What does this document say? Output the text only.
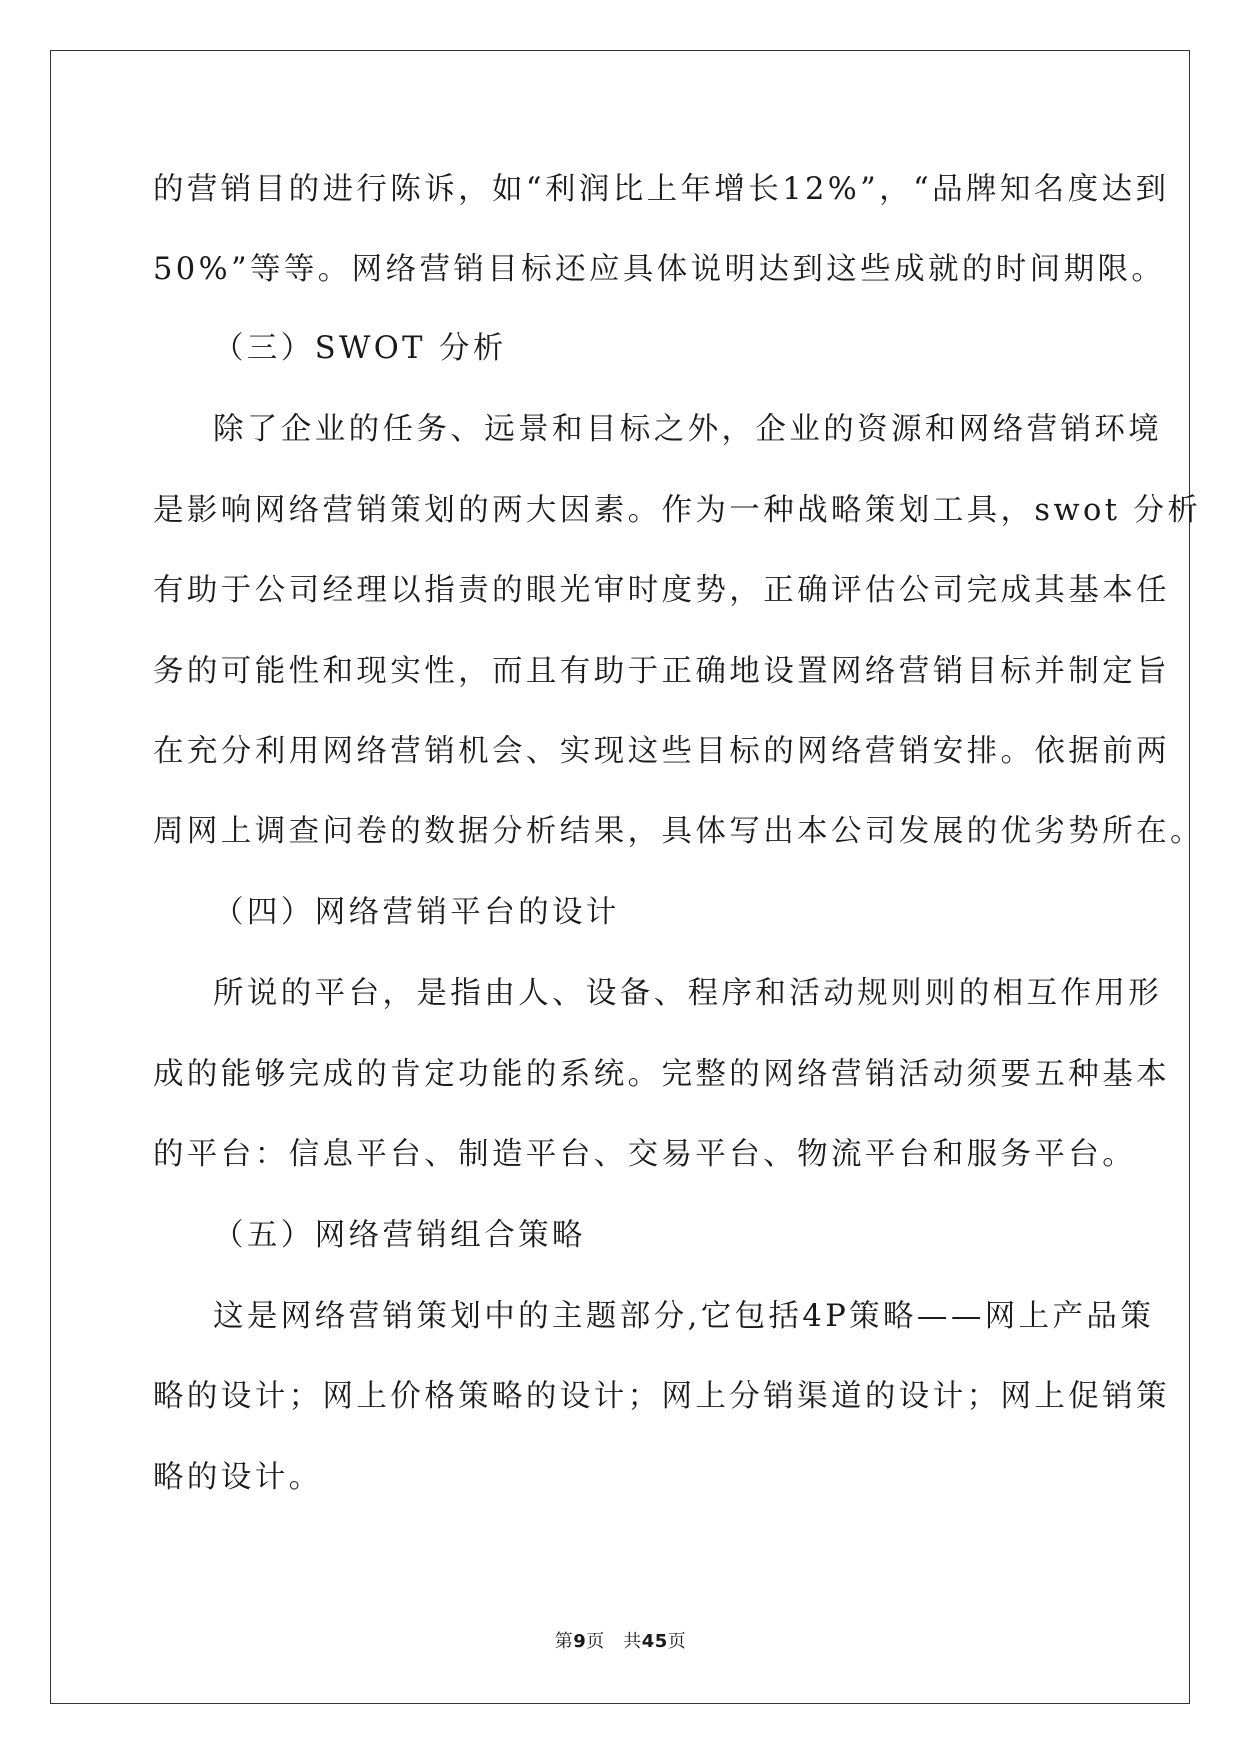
的营销目的进行陈诉，如“利润比上年增长12%”，“品牌知名度达到
50%”等等。网络营销目标还应具体说明达到这些成就的时间期限。
（三）SWOT 分析
除了企业的任务、远景和目标之外，企业的资源和网络营销环境
是影响网络营销策划的两大因素。作为一种战略策划工具，swot 分析
有助于公司经理以指责的眼光审时度势，正确评估公司完成其基本任
务的可能性和现实性，而且有助于正确地设置网络营销目标并制定旨
在充分利用网络营销机会、实现这些目标的网络营销安排。依据前两
周网上调查问卷的数据分析结果，具体写出本公司发展的优劣势所在。
（四）网络营销平台的设计
所说的平台，是指由人、设备、程序和活动规则则的相互作用形
成的能够完成的肯定功能的系统。完整的网络营销活动须要五种基本
的平台：信息平台、制造平台、交易平台、物流平台和服务平台。
（五）网络营销组合策略
这是网络营销策划中的主题部分,它包括4P策略——网上产品策
略的设计；网上价格策略的设计；网上分销渠道的设计；网上促销策
略的设计。
第9页　共45页
